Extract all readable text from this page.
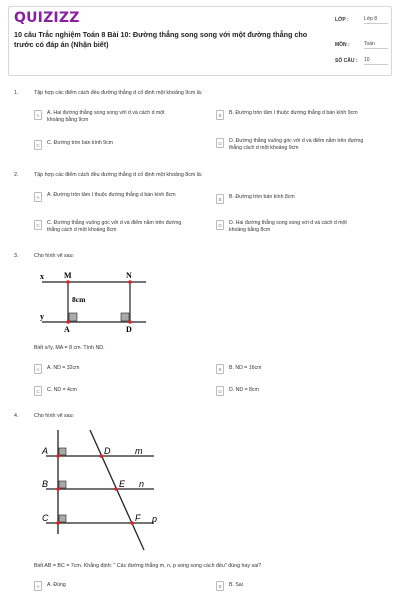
QUIZIZZ
10 câu Trắc nghiệm Toán 8 Bài 10: Đường thẳng song song với một đường thẳng cho trước có đáp án (Nhận biết)
LỚP :	Lớp 8
MÔN :	Toán
SỐ CÂU : 10
1.	Tập hợp các điểm cách đều đường thẳng d cố định một khoảng 9cm là:
A	A. Hai đường thẳng song song với d và cách d một khoảng bằng 9cm
B	B. Đường tròn tâm I thuộc đường thẳng d bán kính 9cm
C	C. Đường tròn bán kính 9cm	D	D. Đường thẳng vuông góc với d và điểm nằm trên đường thẳng cách d một khoảng 9cm
2.	Tập hợp các điểm cách đều đường thẳng d cố định một khoảng 8cm là:
A	A. Đường tròn tâm I thuộc đường thẳng d bán kính 8cm
B	B. Đường tròn bán kính 8cm
C	C. Đường thẳng vuông góc với d và điểm nằm trên đường thẳng cách d một khoảng 8cm
D	D. Hai đường thẳng song song với d và cách d một khoảng bằng 8cm
3.	Cho hình vẽ sau:
x
y
M	N
A	D
8cm
Biết x//y, MA = 8 cm. Tính ND.
A	A. ND = 32cm	B	B. ND = 16cm
C	C. ND = 4cm	D	D. ND = 8cm
4.	Cho hình vẽ sau:
A
B
C
D
E
F
m
n
p
Biết AB = BC = 7cm. Khẳng định: " Các đường thẳng m, n, p song song cách đều" đúng hay sai?
A	A. Đúng	B	B. Sai
